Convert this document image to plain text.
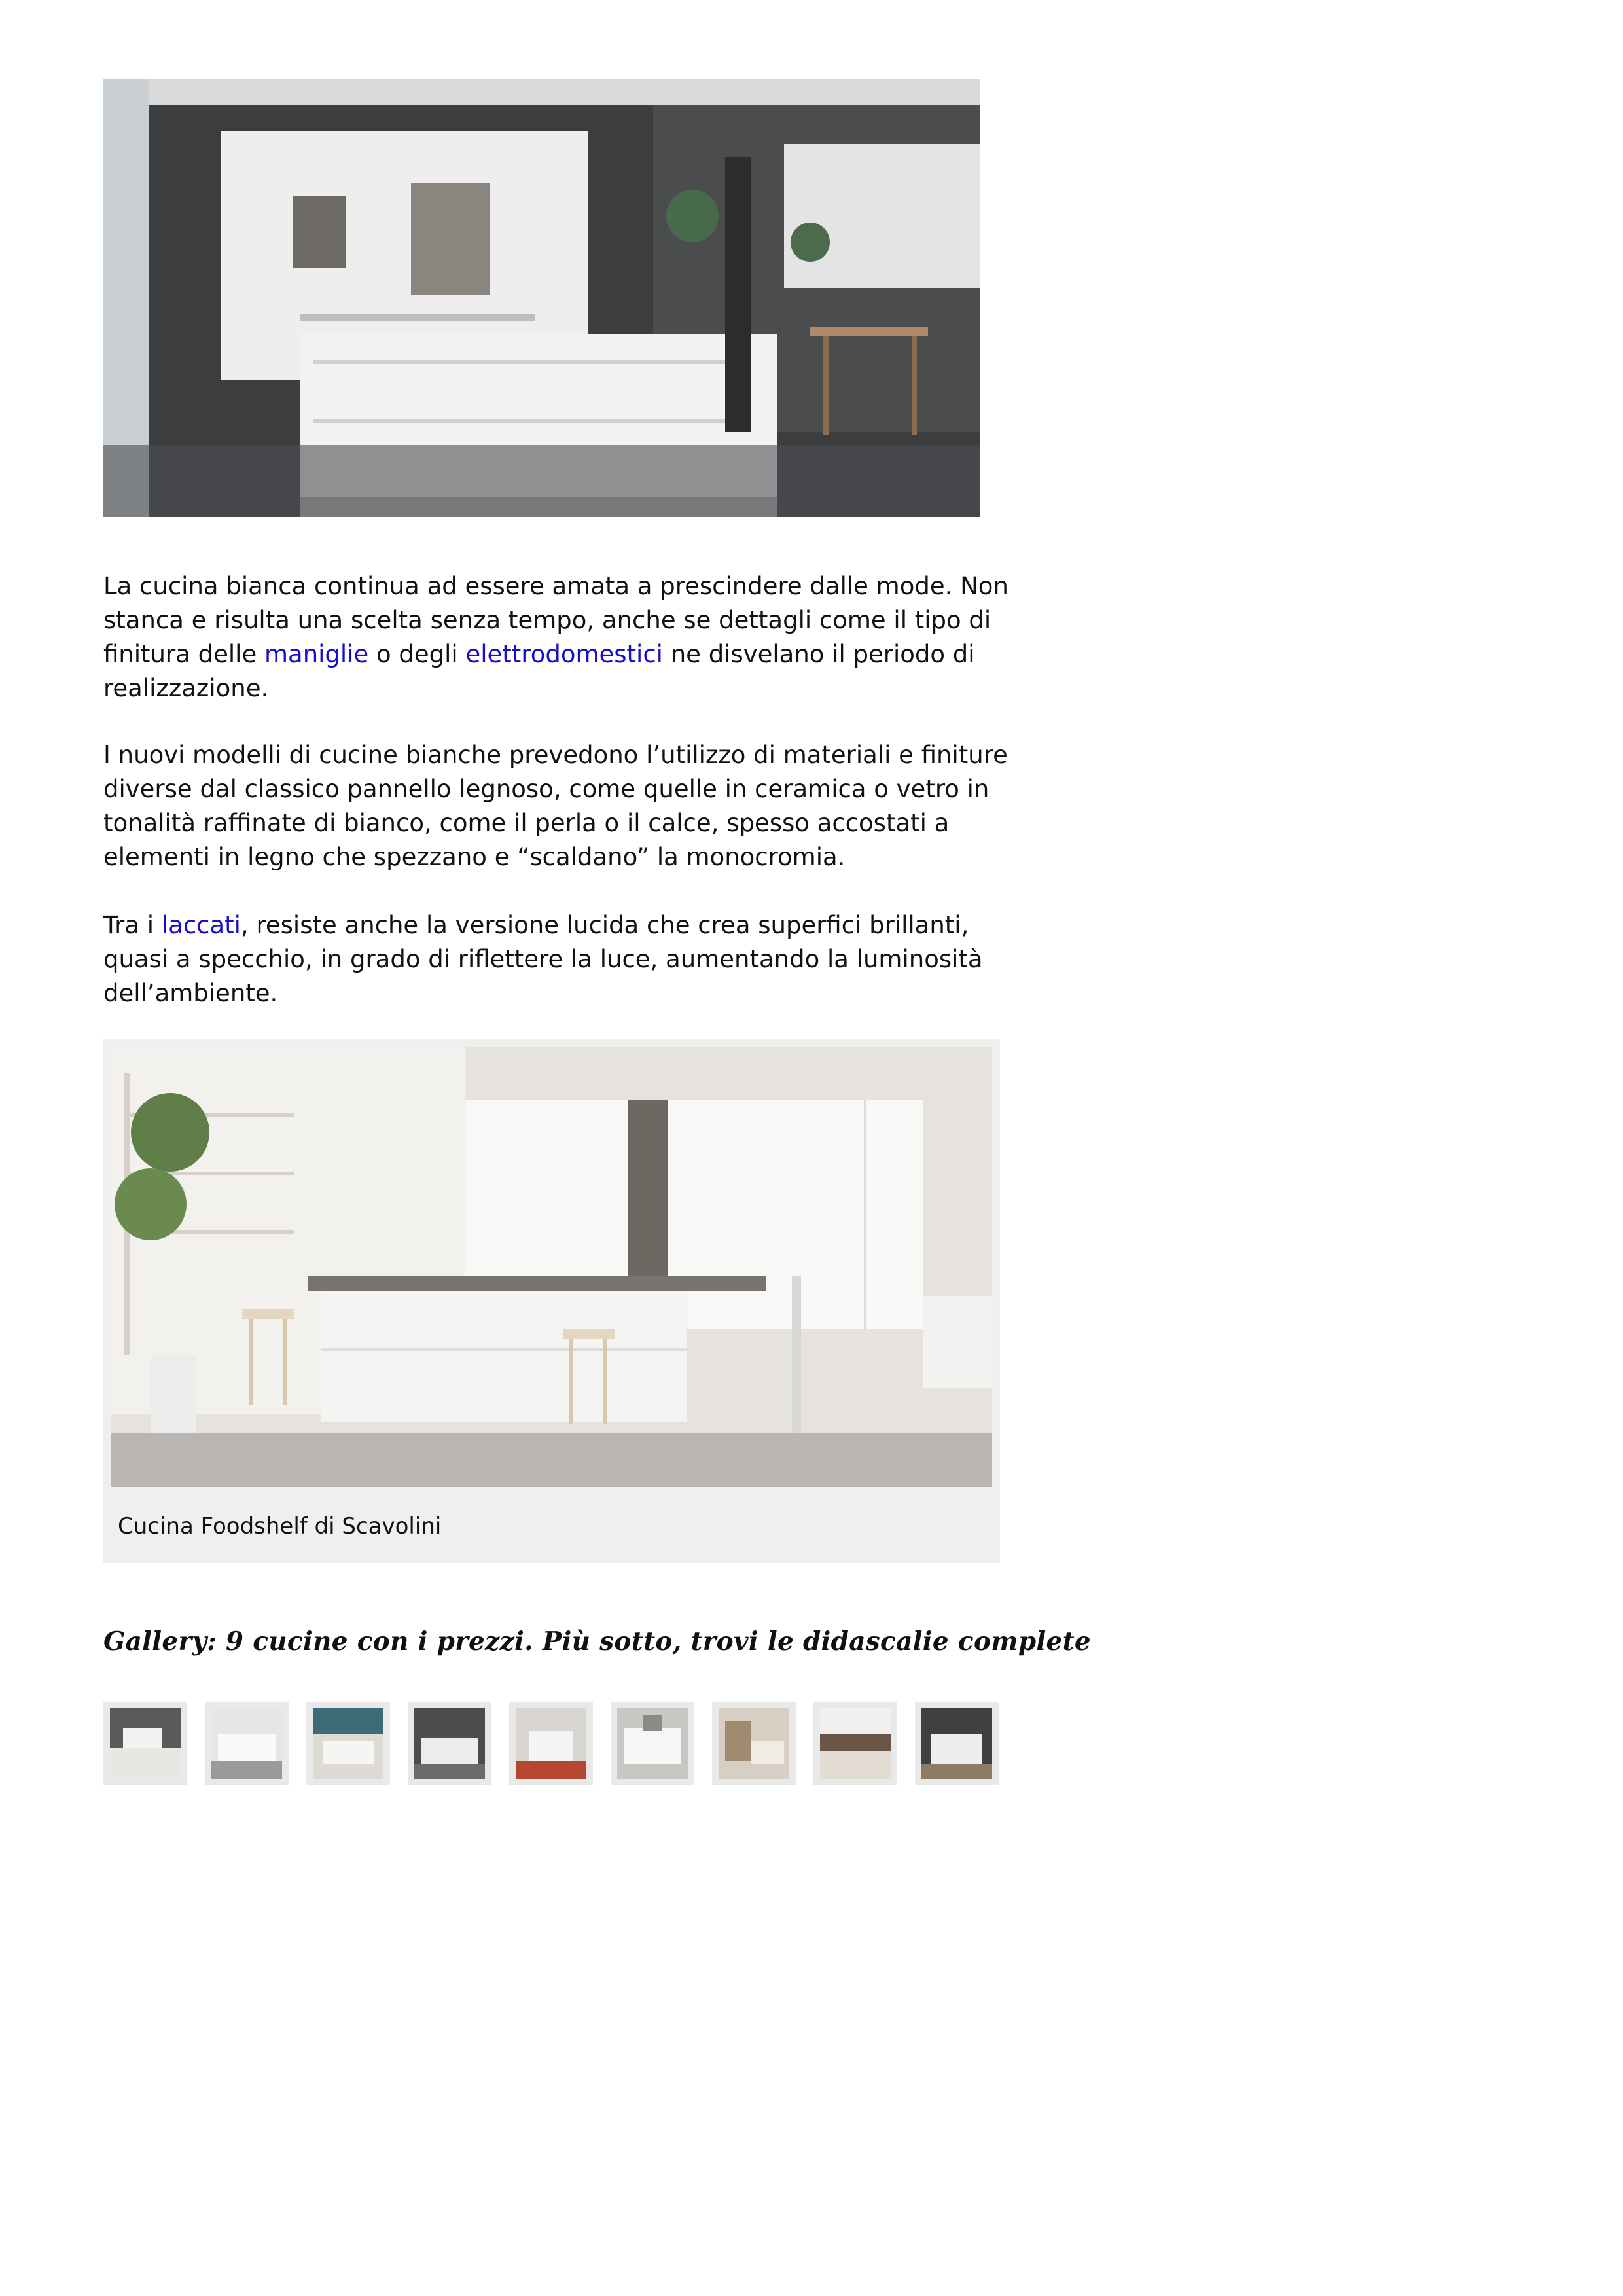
La cucina bianca continua ad essere amata a prescindere dalle mode. Non stanca e risulta una scelta senza tempo, anche se dettagli come il tipo di finitura delle maniglie o degli elettrodomestici ne disvelano il periodo di realizzazione.

I nuovi modelli di cucine bianche prevedono l’utilizzo di materiali e finiture diverse dal classico pannello legnoso, come quelle in ceramica o vetro in tonalità raffinate di bianco, come il perla o il calce, spesso accostati a elementi in legno che spezzano e “scaldano” la monocromia.

Tra i laccati, resiste anche la versione lucida che crea superfici brillanti, quasi a specchio, in grado di riflettere la luce, aumentando la luminosità dell’ambiente.

Cucina Foodshelf di Scavolini
Gallery: 9 cucine con i prezzi. Più sotto, trovi le didascalie complete
